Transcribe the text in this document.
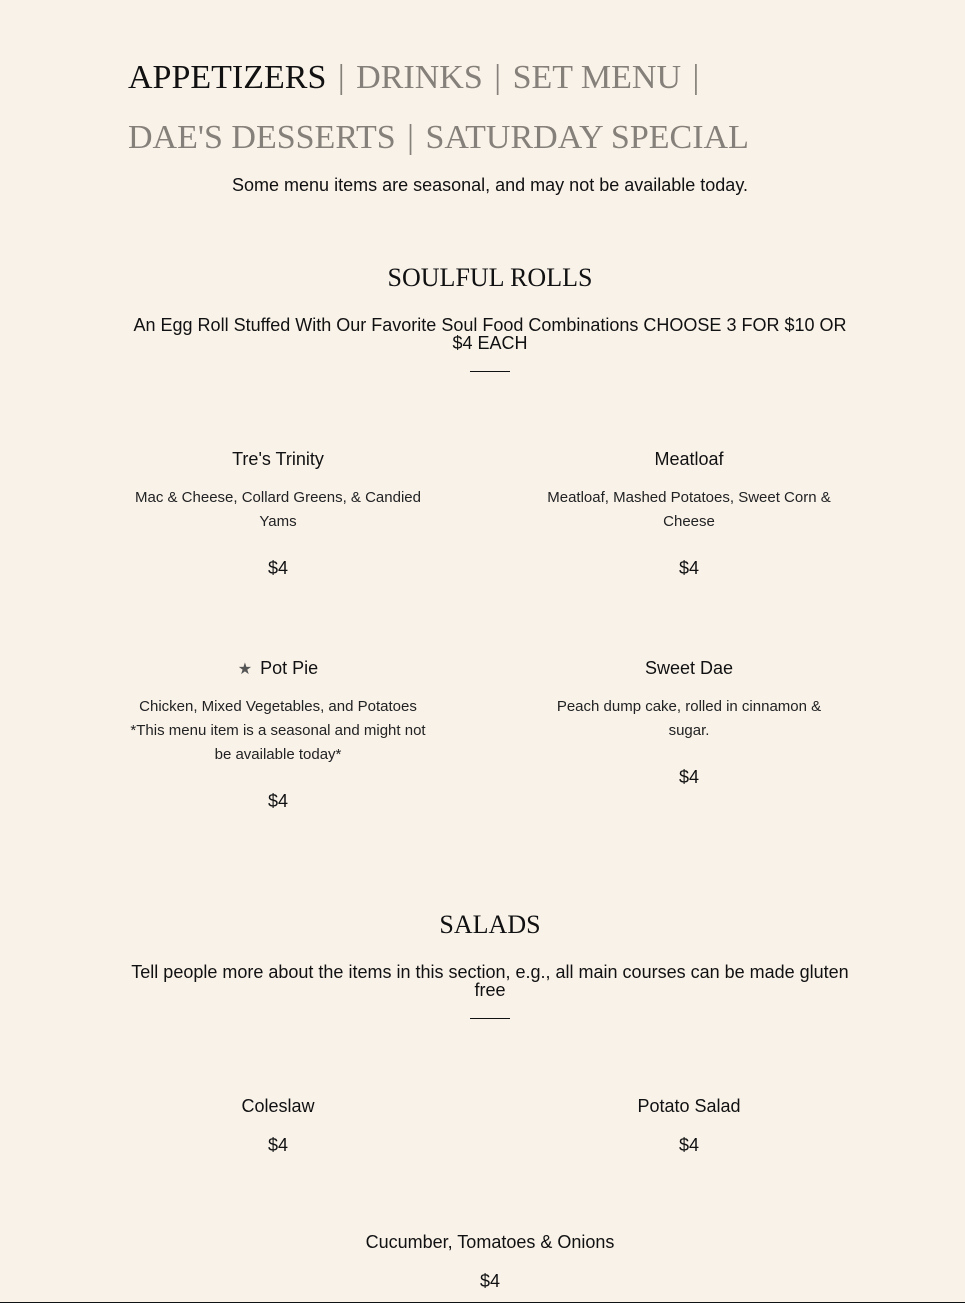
APPETIZERS | DRINKS | SET MENU |
DAE'S DESSERTS | SATURDAY SPECIAL
Some menu items are seasonal, and may not be available today.
SOULFUL ROLLS
An Egg Roll Stuffed With Our Favorite Soul Food Combinations CHOOSE 3 FOR $10 OR $4 EACH
Tre's Trinity
Mac & Cheese, Collard Greens, & Candied Yams
$4
Meatloaf
Meatloaf, Mashed Potatoes, Sweet Corn & Cheese
$4
★ Pot Pie
Chicken, Mixed Vegetables, and Potatoes *This menu item is a seasonal and might not be available today*
$4
Sweet Dae
Peach dump cake, rolled in cinnamon & sugar.
$4
SALADS
Tell people more about the items in this section, e.g., all main courses can be made gluten free
Coleslaw
$4
Potato Salad
$4
Cucumber, Tomatoes & Onions
$4
